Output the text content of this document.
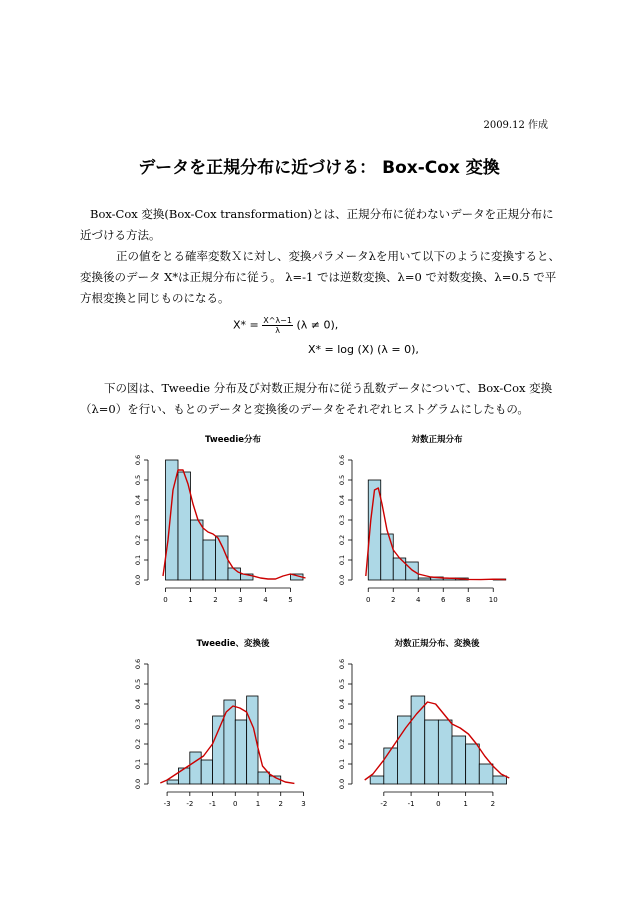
2009.12 作成
データを正規分布に近づける： Box-Cox 変換
Box-Cox 変換(Box-Cox transformation)とは、正規分布に従わないデータを正規分布に近づける方法。
正の値をとる確率変数Ｘに対し、変換パラメータλを用いて以下のように変換すると、変換後のデータ X*は正規分布に従う。 λ=-1 では逆数変換、λ=0 で対数変換、λ=0.5 で平方根変換と同じものになる。
$X* = \frac{X\^{}\lambda-1}{\lambda} (\lambda \ne 0)$,
X* = log (X) (λ = 0),
下の図は、Tweedie 分布及び対数正規分布に従う乱数データについて、Box-Cox 変換（λ=0）を行い、もとのデータと変換後のデータをそれぞれヒストグラムにしたもの。
Tweedie分布
0.0
0.1
0.2
0.3
0.4
0.5
0.6
0	1	2	3	4	5
対数正規分布
0.0
0.1
0.2
0.3
0.4
0.5
0.6
0	2	4	6	8	10
Tweedie、変換後
0.0
0.1
0.2
0.3
0.4
0.5
0.6
-3 -2 -1 0	1	2	3
対数正規分布、変換後
0.0
0.1
0.2
0.3
0.4
0.5
0.6
-2	-1	0	1	2
